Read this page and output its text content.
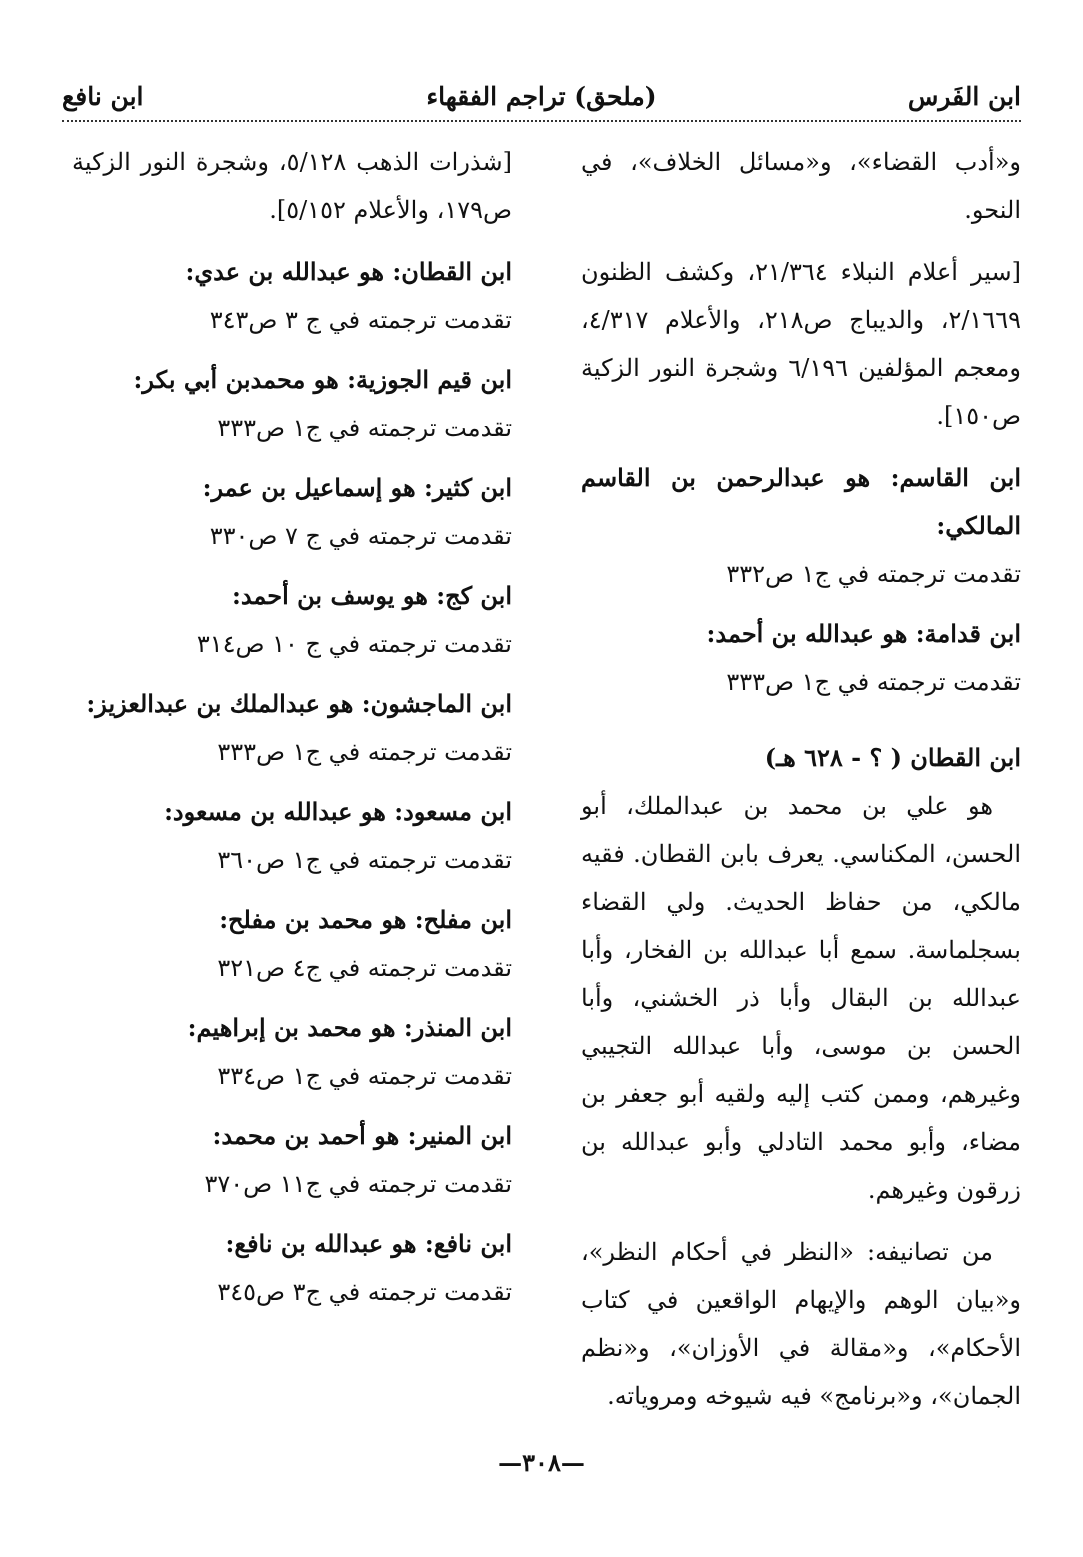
ابن الفَرس
(ملحق) تراجم الفقهاء
ابن نافع

و«أدب القضاء»، و«مسائل الخلاف»، في النحو.

[سير أعلام النبلاء ٢١/٣٦٤، وكشف الظنون ٢/١٦٦٩، والديباج ص٢١٨، والأعلام ٤/٣١٧، ومعجم المؤلفين ٦/١٩٦ وشجرة النور الزكية ص١٥٠].

ابن القاسم: هو عبدالرحمن بن القاسم المالكي:
تقدمت ترجمته في ج١ ص٣٣٢
ابن قدامة: هو عبدالله بن أحمد:
تقدمت ترجمته في ج١ ص٣٣٣
ابن القطان ( ؟ - ٦٢٨ هـ)

هو علي بن محمد بن عبدالملك، أبو الحسن، المكناسي. يعرف بابن القطان. فقيه مالكي، من حفاظ الحديث. ولي القضاء بسجلماسة. سمع أبا عبدالله بن الفخار، وأبا عبدالله بن البقال وأبا ذر الخشني، وأبا الحسن بن موسى، وأبا عبدالله التجيبي وغيرهم، وممن كتب إليه ولقيه أبو جعفر بن مضاء، وأبو محمد التادلي وأبو عبدالله بن زرقون وغيرهم.

من تصانيفه: «النظر في أحكام النظر»، و«بيان الوهم والإيهام الواقعين في كتاب الأحكام»، و«مقالة في الأوزان»، و«نظم الجمان»، و«برنامج» فيه شيوخه ومروياته.

[شذرات الذهب ٥/١٢٨، وشجرة النور الزكية ص١٧٩، والأعلام ٥/١٥٢].

ابن القطان: هو عبدالله بن عدي:
تقدمت ترجمته في ج ٣ ص٣٤٣
ابن قيم الجوزية: هو محمدبن أبي بكر:
تقدمت ترجمته في ج١ ص٣٣٣
ابن كثير: هو إسماعيل بن عمر:
تقدمت ترجمته في ج ٧ ص٣٣٠
ابن كج: هو يوسف بن أحمد:
تقدمت ترجمته في ج ١٠ ص٣١٤
ابن الماجشون: هو عبدالملك بن عبدالعزيز:
تقدمت ترجمته في ج١ ص٣٣٣
ابن مسعود: هو عبدالله بن مسعود:
تقدمت ترجمته في ج١ ص٣٦٠
ابن مفلح: هو محمد بن مفلح:
تقدمت ترجمته في ج٤ ص٣٢١
ابن المنذر: هو محمد بن إبراهيم:
تقدمت ترجمته في ج١ ص٣٣٤
ابن المنير: هو أحمد بن محمد:
تقدمت ترجمته في ج١١ ص٣٧٠
ابن نافع: هو عبدالله بن نافع:
تقدمت ترجمته في ج٣ ص٣٤٥
—٣٠٨—
